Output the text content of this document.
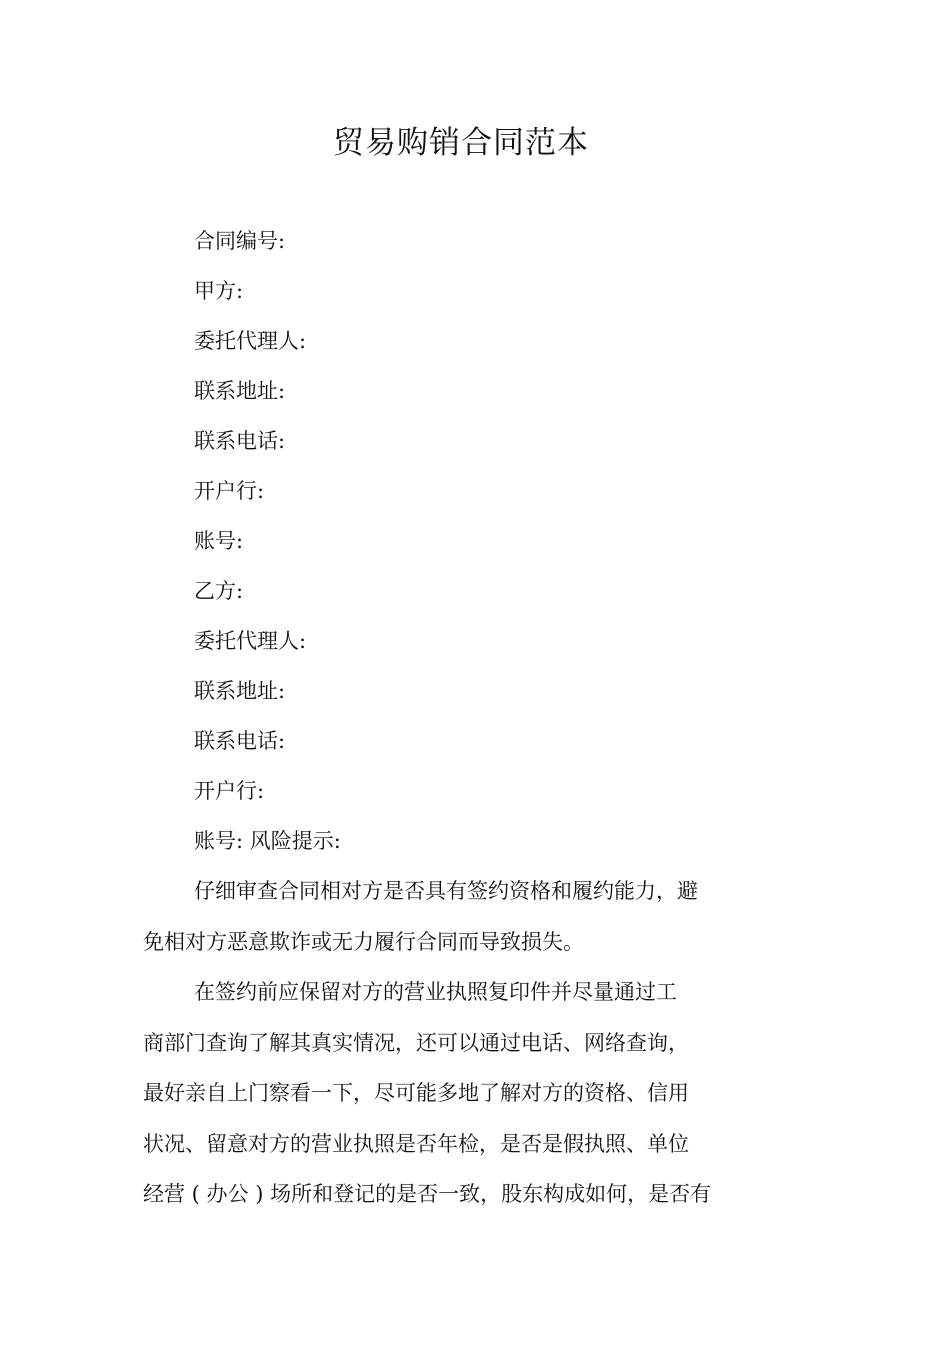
贸易购销合同范本
合同编号:
甲方:
委托代理人:
联系地址:
联系电话:
开户行:
账号:
乙方:
委托代理人:
联系地址:
联系电话:
开户行:
账号: 风险提示:
仔细审查合同相对方是否具有签约资格和履约能力，避
免相对方恶意欺诈或无力履行合同而导致损失。
在签约前应保留对方的营业执照复印件并尽量通过工
商部门查询了解其真实情况，还可以通过电话、网络查询，
最好亲自上门察看一下，尽可能多地了解对方的资格、信用
状况、留意对方的营业执照是否年检，是否是假执照、单位
经营 ( 办公 ) 场所和登记的是否一致，股东构成如何，是否有
